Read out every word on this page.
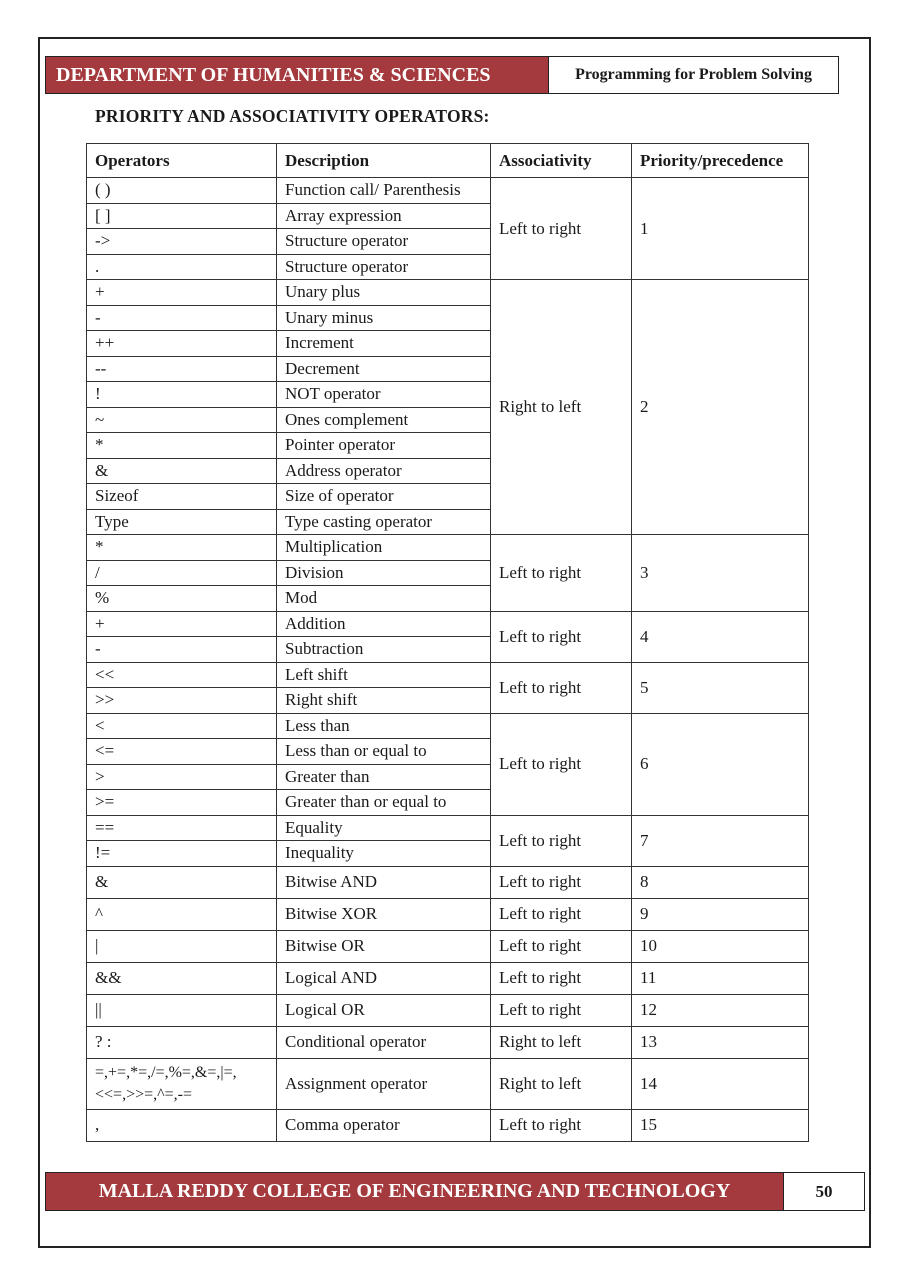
DEPARTMENT OF HUMANITIES & SCIENCES	Programming for Problem Solving
PRIORITY AND ASSOCIATIVITY OPERATORS:
Operators	Description	Associativity	Priority/precedence
( )	Function call/ Parenthesis	Left to right	1
[ ]	Array expression		
->	Structure operator		
.	Structure operator		
+	Unary plus	Right to left	2
-	Unary minus		
++	Increment		
--	Decrement		
!	NOT operator		
~	Ones complement		
*	Pointer operator		
&	Address operator		
Sizeof	Size of operator		
Type	Type casting operator		
*	Multiplication	Left to right	3
/	Division		
%	Mod		
+	Addition	Left to right	4
-	Subtraction		
<<	Left shift	Left to right	5
>>	Right shift		
<	Less than	Left to right	6
<=	Less than or equal to		
>	Greater than		
>=	Greater than or equal to		
==	Equality	Left to right	7
!=	Inequality		
&	Bitwise AND	Left to right	8
^	Bitwise XOR	Left to right	9
|	Bitwise OR	Left to right	10
&&	Logical AND	Left to right	11
||	Logical OR	Left to right	12
? :	Conditional operator	Right to left	13
=,+=,*=,/=,%=,&=,|=,
<<=,>>=,^=,-=	Assignment operator	Right to left	14
,	Comma operator	Left to right	15
MALLA REDDY COLLEGE OF ENGINEERING AND TECHNOLOGY	50
